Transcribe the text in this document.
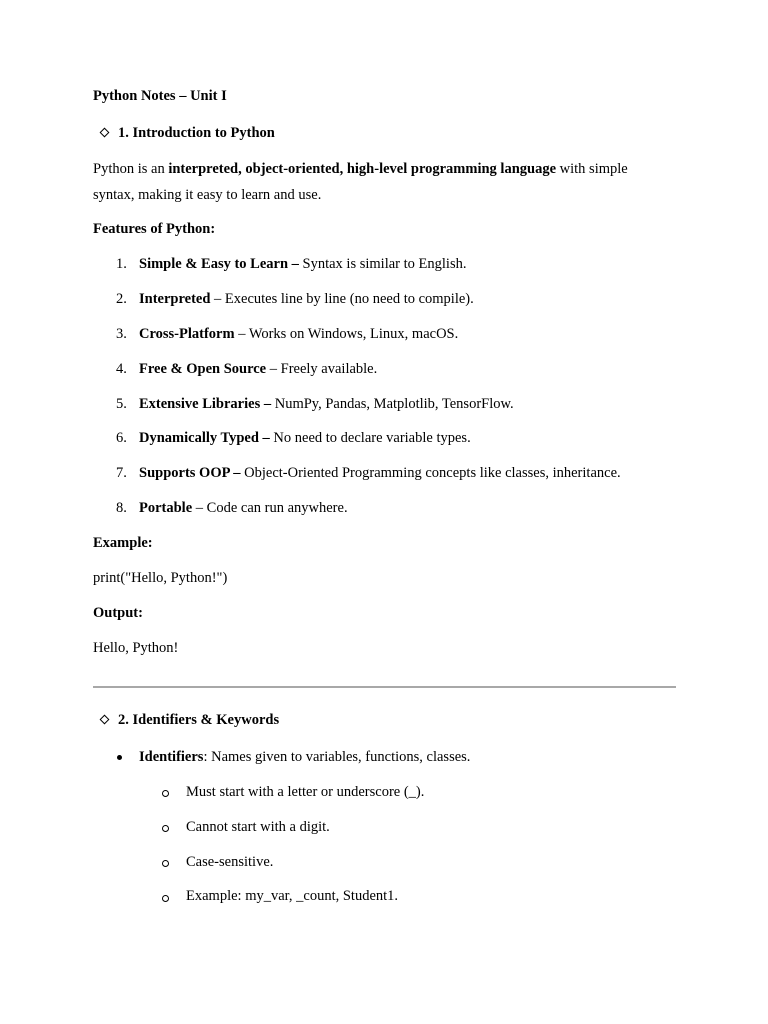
Python Notes – Unit I
1. Introduction to Python
Python is an interpreted, object-oriented, high-level programming language with simple
syntax, making it easy to learn and use.
Features of Python:
1. Simple & Easy to Learn – Syntax is similar to English.
2. Interpreted – Executes line by line (no need to compile).
3. Cross-Platform – Works on Windows, Linux, macOS.
4. Free & Open Source – Freely available.
5. Extensive Libraries – NumPy, Pandas, Matplotlib, TensorFlow.
6. Dynamically Typed – No need to declare variable types.
7. Supports OOP – Object-Oriented Programming concepts like classes, inheritance.
8. Portable – Code can run anywhere.
Example:
print("Hello, Python!")
Output:
Hello, Python!
2. Identifiers & Keywords
Identifiers: Names given to variables, functions, classes.
Must start with a letter or underscore (_).
Cannot start with a digit.
Case-sensitive.
Example: my_var, _count, Student1.
